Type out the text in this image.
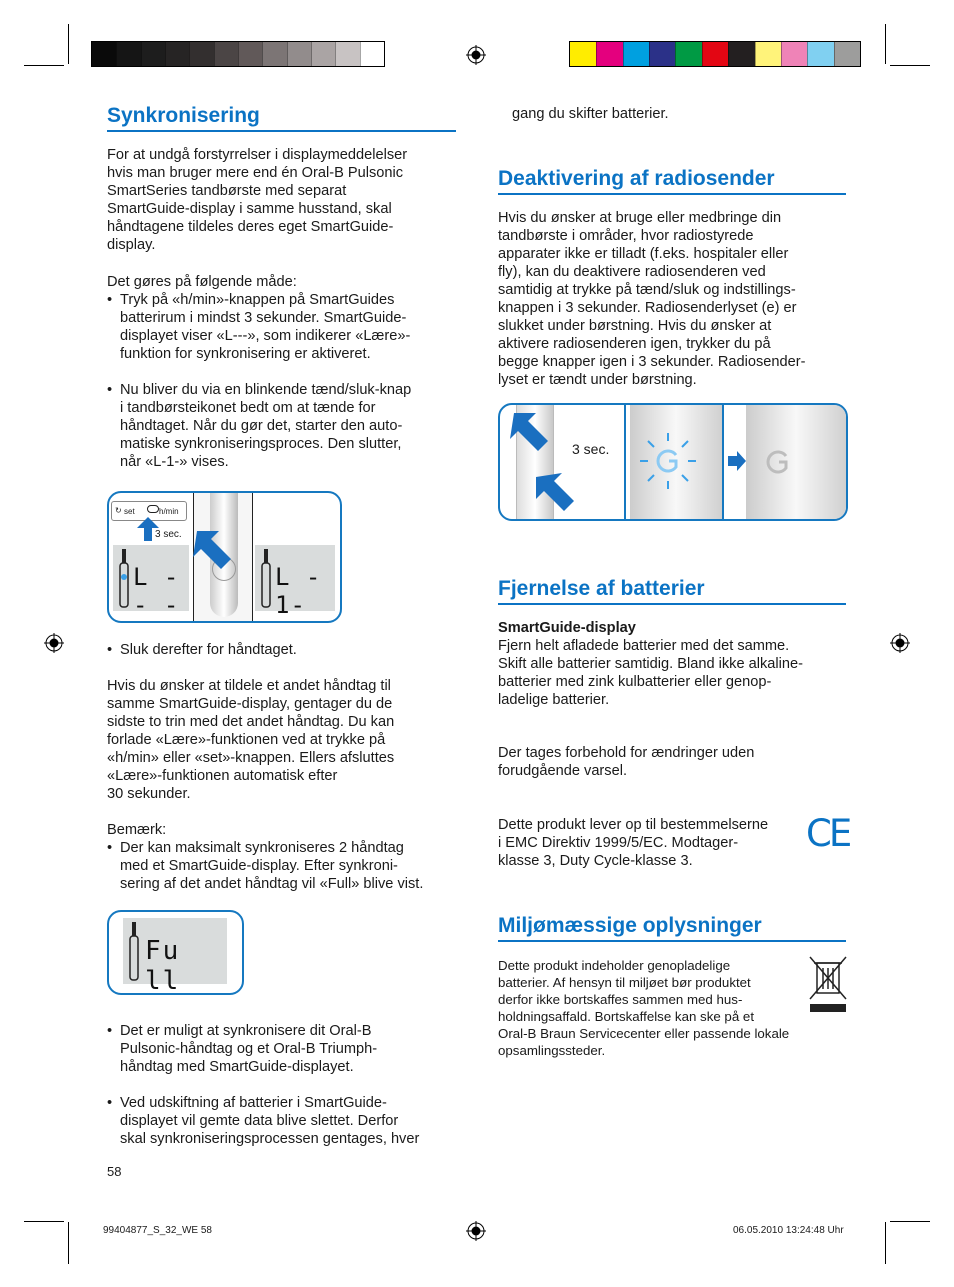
Synkronisering

For at undgå forstyrrelser i displaymeddelelser

hvis man bruger mere end én Oral-B Pulsonic

SmartSeries tandbørste med separat

SmartGuide-display i samme husstand, skal

håndtagene tildeles deres eget SmartGuide-

display.

Det gøres på følgende måde:

• Tryk på «h/min»-knappen på SmartGuides

batterirum i mindst 3 sekunder. SmartGuide-

displayet viser «L---», som indikerer «Lære»-

funktion for synkronisering er aktiveret.

• Nu bliver du via en blinkende tænd/sluk-knap

i tandbørsteikonet bedt om at tænde for

håndtaget. Når du gør det, starter den auto-

matiske synkroniseringsproces. Den slutter,

når «L-1-» vises.

↻ set	h/min
3 sec.
L - - -
L - 1-

• Sluk derefter for håndtaget.

Hvis du ønsker at tildele et andet håndtag til

samme SmartGuide-display, gentager du de

sidste to trin med det andet håndtag. Du kan

forlade «Lære»-funktionen ved at trykke på

«h/min» eller «set»-knappen. Ellers afsluttes

«Lære»-funktionen automatisk efter

30 sekunder.

Bemærk:

• Der kan maksimalt synkroniseres 2 håndtag

med et SmartGuide-display. Efter synkroni-

sering af det andet håndtag vil «Full» blive vist.

Fu ll

• Det er muligt at synkronisere dit Oral-B

Pulsonic-håndtag og et Oral-B Triumph-

håndtag med SmartGuide-displayet.

• Ved udskiftning af batterier i SmartGuide-

displayet vil gemte data blive slettet. Derfor

skal synkroniseringsprocessen gentages, hver

gang du skifter batterier.

Deaktivering af radiosender

Hvis du ønsker at bruge eller medbringe din

tandbørste i områder, hvor radiostyrede

apparater ikke er tilladt (f.eks. hospitaler eller

fly), kan du deaktivere radiosenderen ved

samtidig at trykke på tænd/sluk og indstillings-

knappen i 3 sekunder. Radiosenderlyset (e) er

slukket under børstning. Hvis du ønsker at

aktivere radiosenderen igen, trykker du på

begge knapper igen i 3 sekunder. Radiosender-

lyset er tændt under børstning.

3 sec.
Fjernelse af batterier

SmartGuide-display

Fjern helt afladede batterier med det samme.

Skift alle batterier samtidig. Bland ikke alkaline-

batterier med zink kulbatterier eller genop-

ladelige batterier.

Der tages forbehold for ændringer uden

forudgående varsel.

Dette produkt lever op til bestemmelserne

i EMC Direktiv 1999/5/EC. Modtager-

klasse 3, Duty Cycle-klasse 3.

CE
Miljømæssige oplysninger

Dette produkt indeholder genopladelige

batterier. Af hensyn til miljøet bør produktet

derfor ikke bortskaffes sammen med hus-

holdningsaffald. Bortskaffelse kan ske på et

Oral-B Braun Servicecenter eller passende lokale

opsamlingssteder.

58
99404877_S_32_WE 58	06.05.2010 13:24:48 Uhr
